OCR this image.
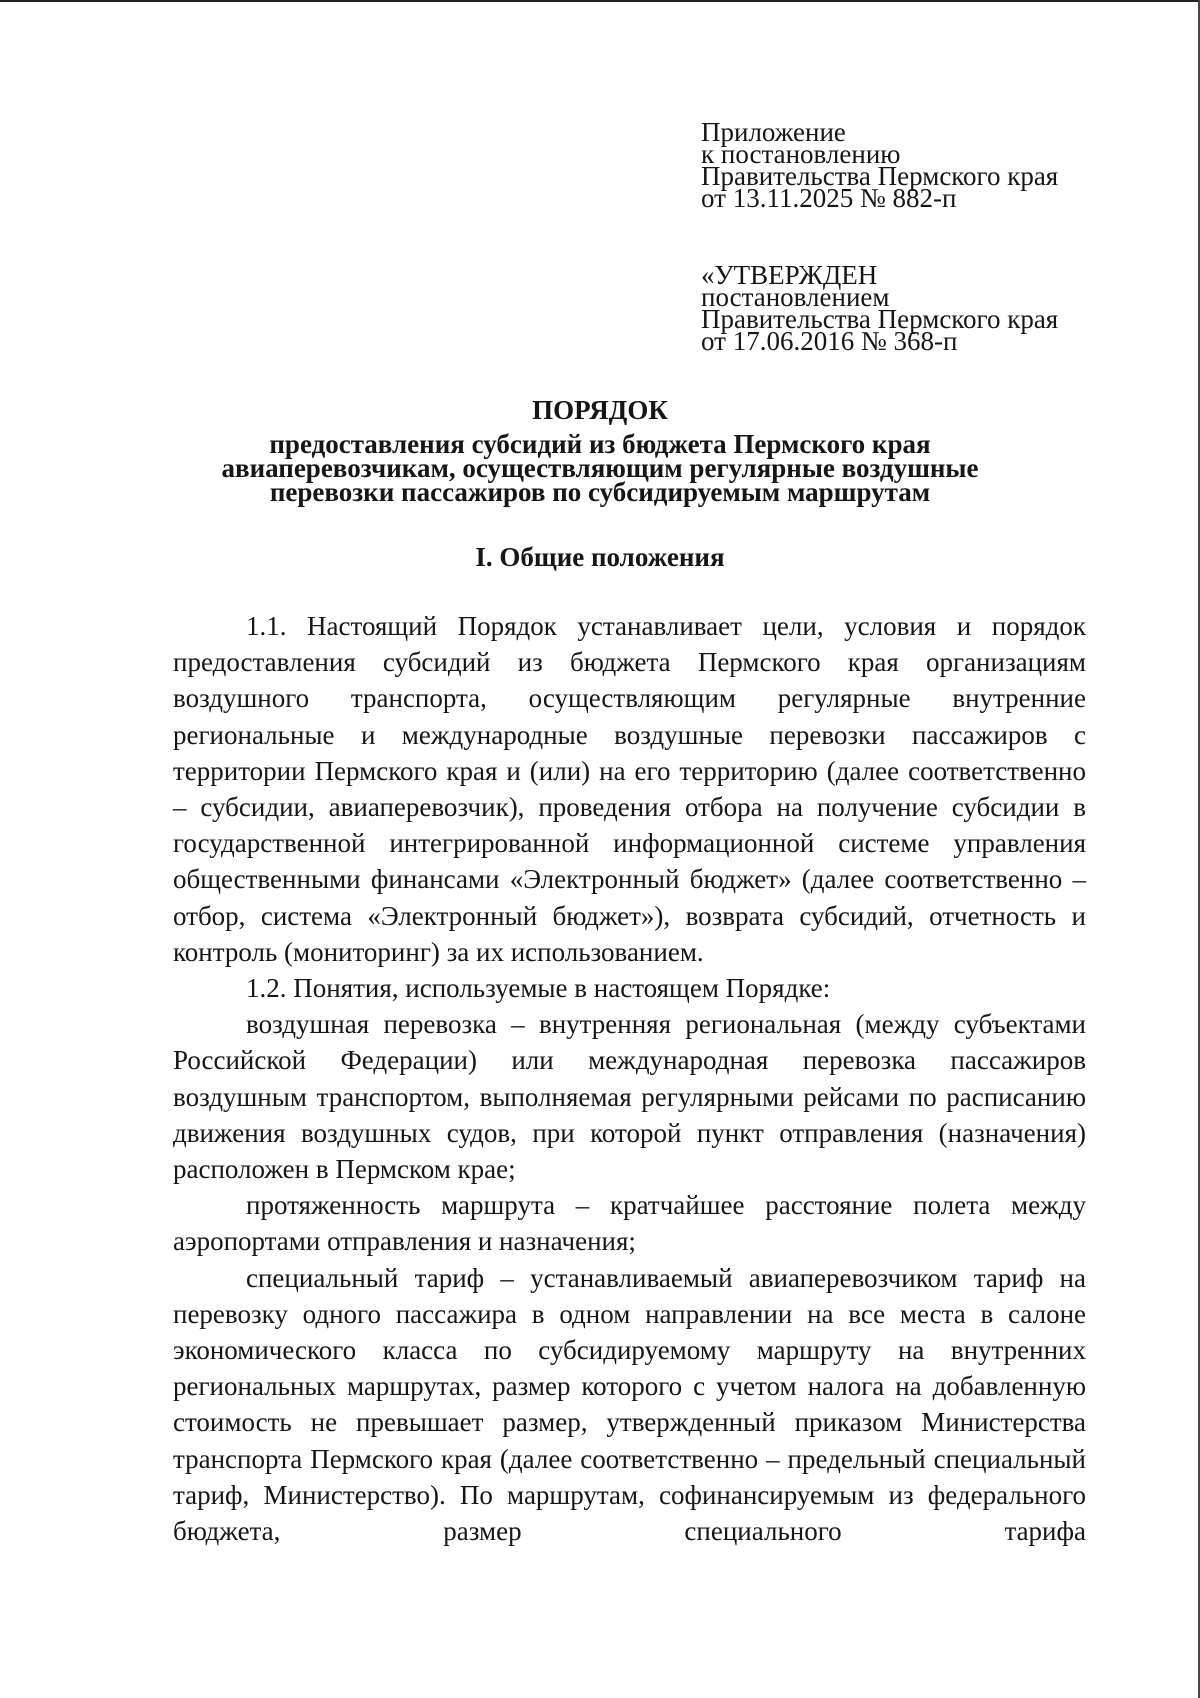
Приложение
к постановлению
Правительства Пермского края
от 13.11.2025 № 882-п
«УТВЕРЖДЕН
постановлением
Правительства Пермского края
от 17.06.2016 № 368-п
ПОРЯДОК
предоставления субсидий из бюджета Пермского края
авиаперевозчикам, осуществляющим регулярные воздушные
перевозки пассажиров по субсидируемым маршрутам
I. Общие положения

1.1. Настоящий Порядок устанавливает цели, условия и порядок предоставления субсидий из бюджета Пермского края организациям воздушного транспорта, осуществляющим регулярные внутренние региональные и международные воздушные перевозки пассажиров с территории Пермского края и (или) на его территорию (далее соответственно – субсидии, авиаперевозчик), проведения отбора на получение субсидии в государственной интегрированной информационной системе управления общественными финансами «Электронный бюджет» (далее соответственно – отбор, система «Электронный бюджет»), возврата субсидий, отчетность и контроль (мониторинг) за их использованием.

1.2. Понятия, используемые в настоящем Порядке:

воздушная перевозка – внутренняя региональная (между субъектами Российской Федерации) или международная перевозка пассажиров воздушным транспортом, выполняемая регулярными рейсами по расписанию движения воздушных судов, при которой пункт отправления (назначения) расположен в Пермском крае;

протяженность маршрута – кратчайшее расстояние полета между аэропортами отправления и назначения;

специальный тариф – устанавливаемый авиаперевозчиком тариф на перевозку одного пассажира в одном направлении на все места в салоне экономического класса по субсидируемому маршруту на внутренних региональных маршрутах, размер которого с учетом налога на добавленную стоимость не превышает размер, утвержденный приказом Министерства транспорта Пермского края (далее соответственно – предельный специальный тариф, Министерство). По маршрутам, софинансируемым из федерального бюджета, размер специального тарифа
